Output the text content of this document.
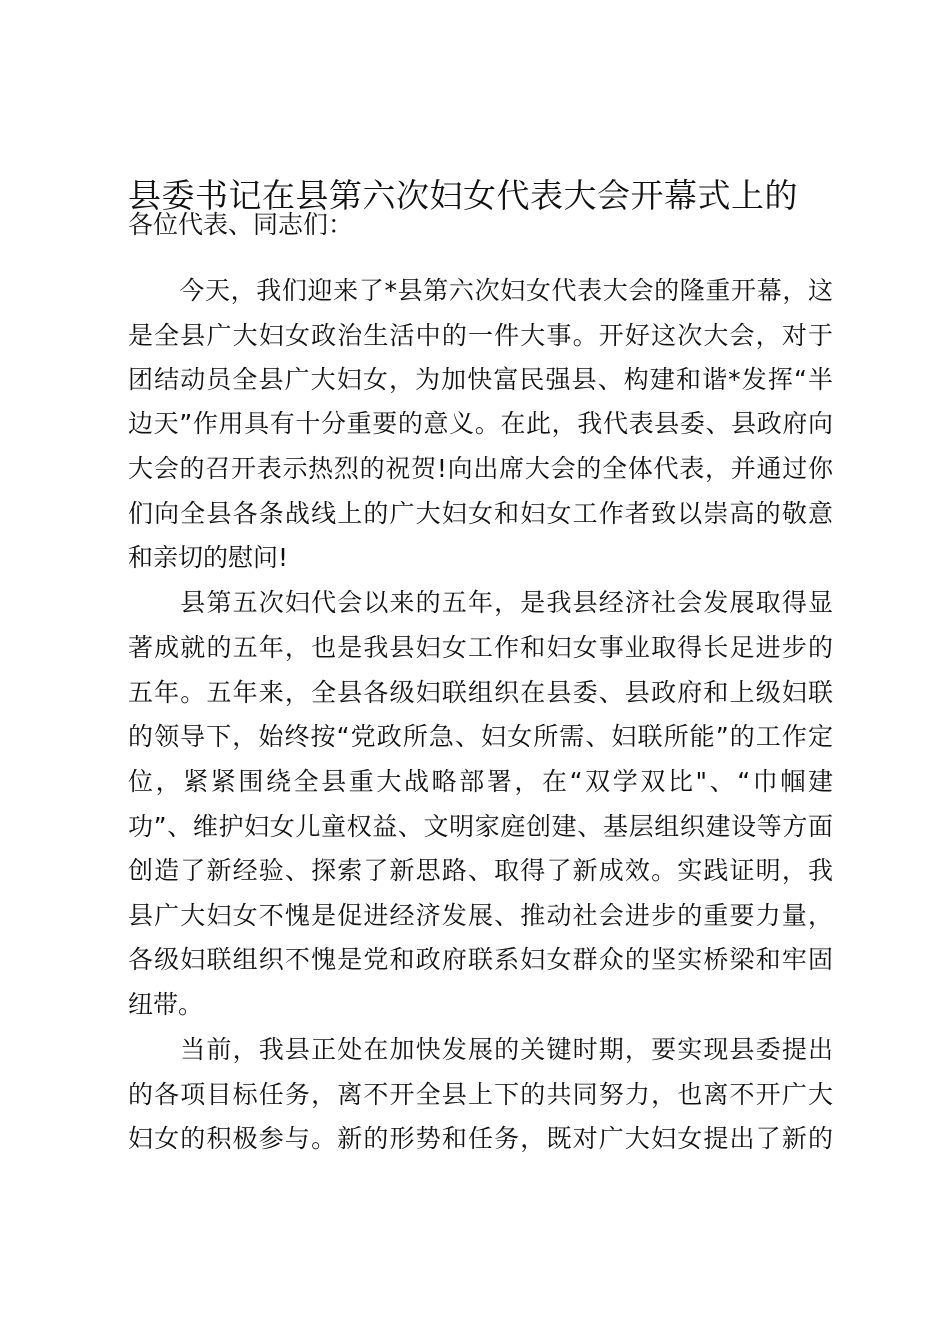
县委书记在县第六次妇女代表大会开幕式上的
各位代表、同志们：
　　今天，我们迎来了*县第六次妇女代表大会的隆重开幕，这
是全县广大妇女政治生活中的一件大事。开好这次大会，对于
团结动员全县广大妇女，为加快富民强县、构建和谐*发挥“半
边天”作用具有十分重要的意义。在此，我代表县委、县政府向
大会的召开表示热烈的祝贺!向出席大会的全体代表，并通过你
们向全县各条战线上的广大妇女和妇女工作者致以崇高的敬意
和亲切的慰问!
　　县第五次妇代会以来的五年，是我县经济社会发展取得显
著成就的五年，也是我县妇女工作和妇女事业取得长足进步的
五年。五年来，全县各级妇联组织在县委、县政府和上级妇联
的领导下，始终按“党政所急、妇女所需、妇联所能”的工作定
位，紧紧围绕全县重大战略部署，在“双学双比"、“巾帼建
功”、维护妇女儿童权益、文明家庭创建、基层组织建设等方面
创造了新经验、探索了新思路、取得了新成效。实践证明，我
县广大妇女不愧是促进经济发展、推动社会进步的重要力量，
各级妇联组织不愧是党和政府联系妇女群众的坚实桥梁和牢固
纽带。
　　当前，我县正处在加快发展的关键时期，要实现县委提出
的各项目标任务，离不开全县上下的共同努力，也离不开广大
妇女的积极参与。新的形势和任务，既对广大妇女提出了新的
